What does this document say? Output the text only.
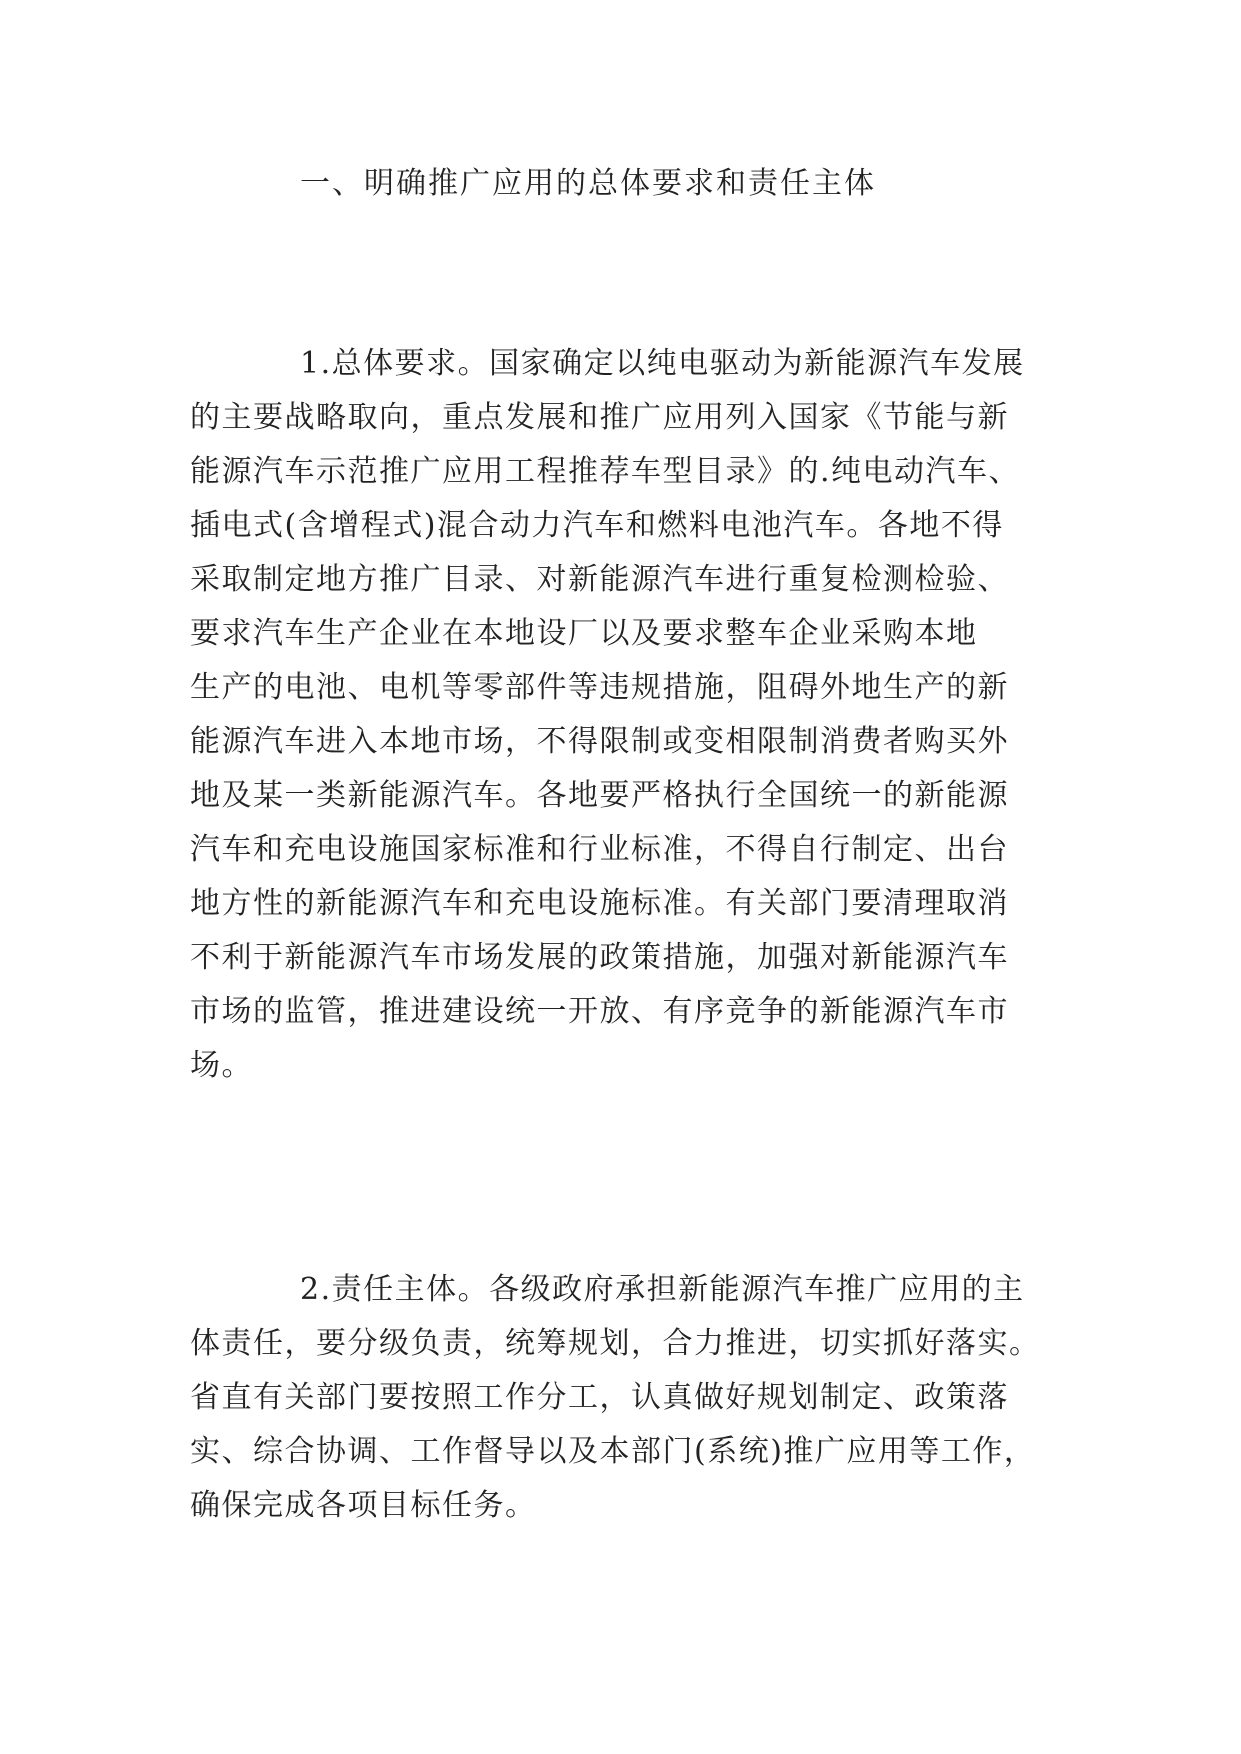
一、明确推广应用的总体要求和责任主体
1.总体要求。国家确定以纯电驱动为新能源汽车发展
的主要战略取向，重点发展和推广应用列入国家《节能与新
能源汽车示范推广应用工程推荐车型目录》的.纯电动汽车、
插电式(含增程式)混合动力汽车和燃料电池汽车。各地不得
采取制定地方推广目录、对新能源汽车进行重复检测检验、
要求汽车生产企业在本地设厂以及要求整车企业采购本地
生产的电池、电机等零部件等违规措施，阻碍外地生产的新
能源汽车进入本地市场，不得限制或变相限制消费者购买外
地及某一类新能源汽车。各地要严格执行全国统一的新能源
汽车和充电设施国家标准和行业标准，不得自行制定、出台
地方性的新能源汽车和充电设施标准。有关部门要清理取消
不利于新能源汽车市场发展的政策措施，加强对新能源汽车
市场的监管，推进建设统一开放、有序竞争的新能源汽车市
场。
2.责任主体。各级政府承担新能源汽车推广应用的主
体责任，要分级负责，统筹规划，合力推进，切实抓好落实。
省直有关部门要按照工作分工，认真做好规划制定、政策落
实、综合协调、工作督导以及本部门(系统)推广应用等工作，
确保完成各项目标任务。
